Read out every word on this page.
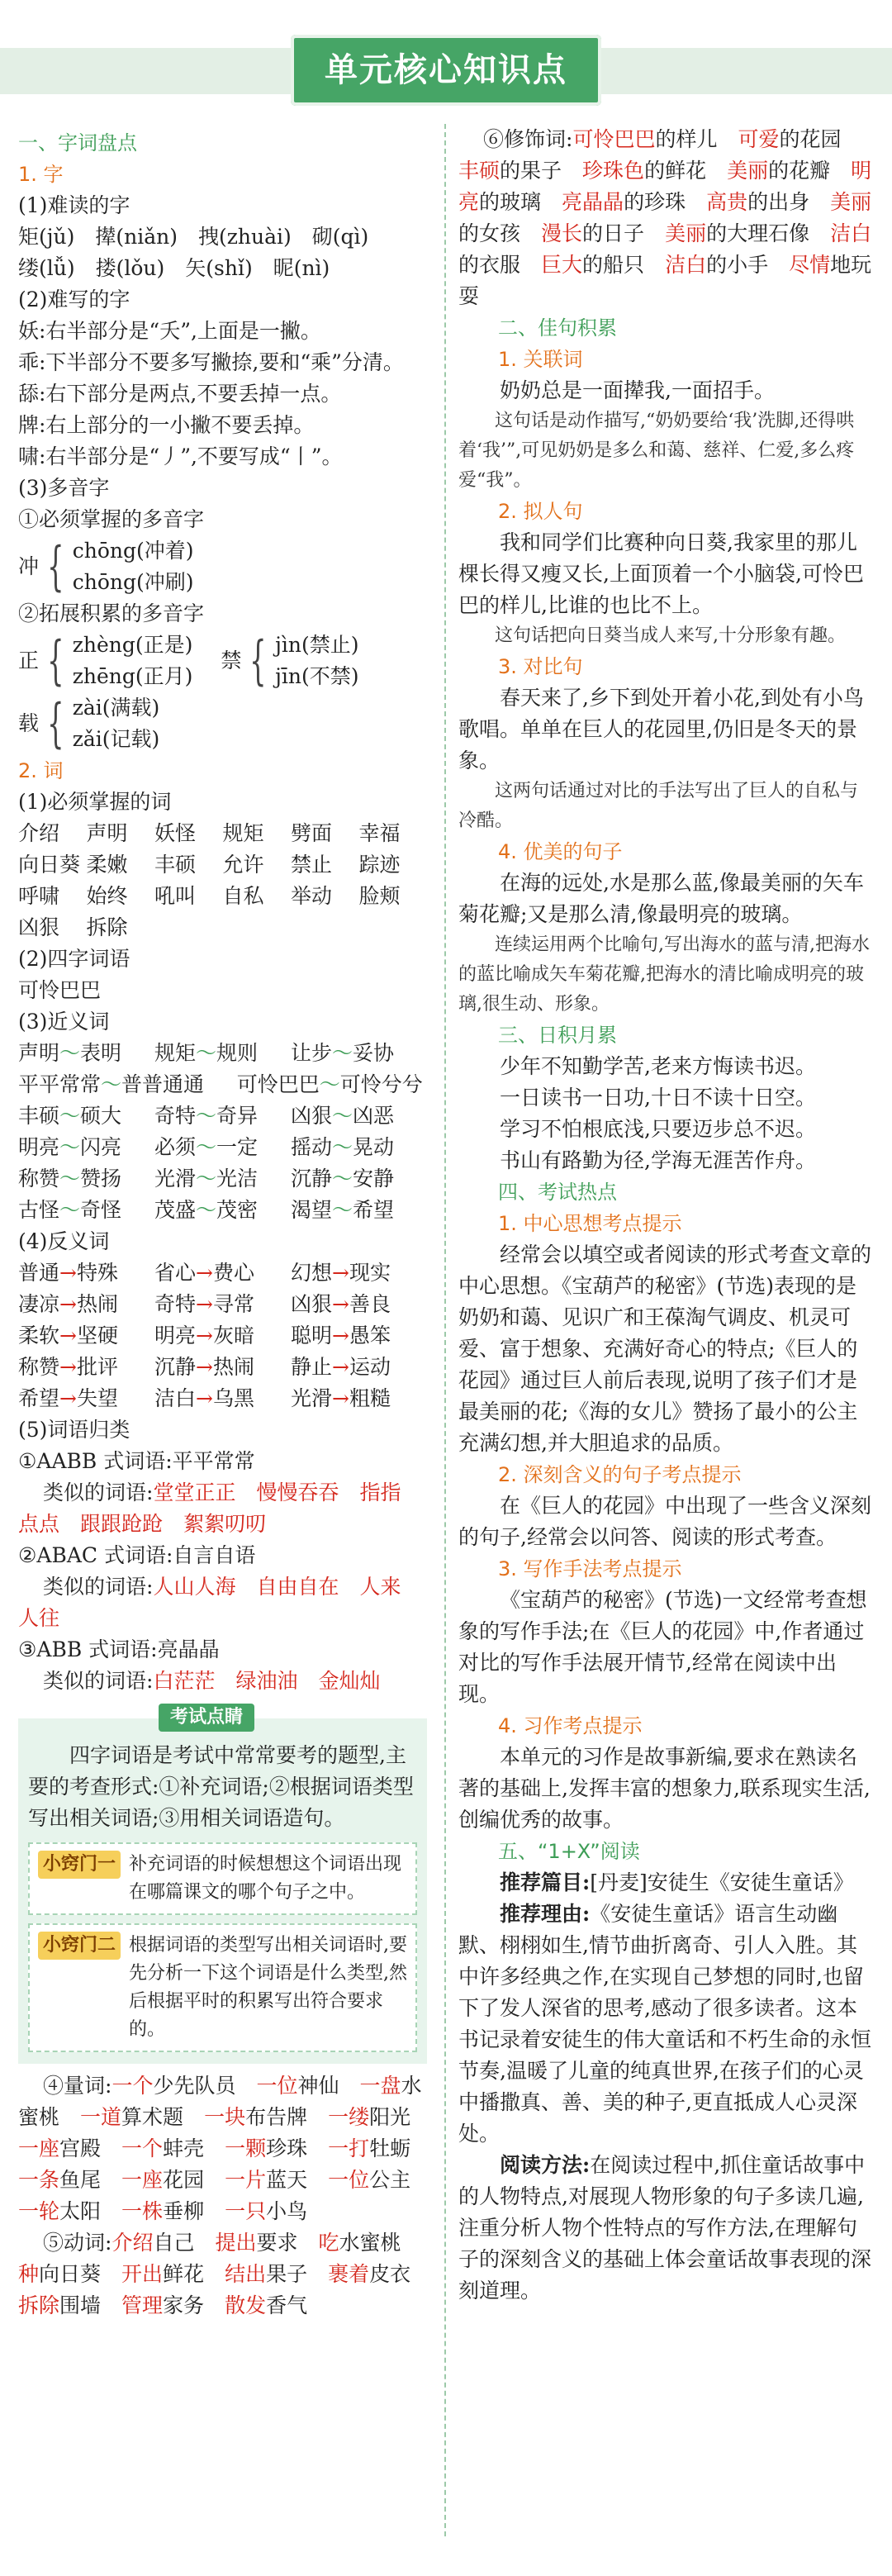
单元核心知识点

一、字词盘点

1. 字

(1)难读的字

矩(jǔ)　撵(niǎn)　拽(zhuài)　砌(qì)

缕(lǚ)　搂(lǒu)　矢(shǐ)　昵(nì)

(2)难写的字

妖:右半部分是“夭”,上面是一撇。

乖:下半部分不要多写撇捺,要和“乘”分清。

舔:右下部分是两点,不要丢掉一点。

牌:右上部分的一小撇不要丢掉。

啸:右半部分是“丿”,不要写成“丨”。

(3)多音字

①必须掌握的多音字

冲 { chōng(冲着)
chōng(冲刷)

②拓展积累的多音字

正 { zhèng(正是)
zhēng(正月)
禁 { jìn(禁止)
jīn(不禁)
载 { zài(满载)
zǎi(记载)

2. 词

(1)必须掌握的词

介绍	声明	妖怪	规矩	劈面	幸福
向日葵 柔嫩	丰硕	允许	禁止	踪迹
呼啸	始终	吼叫	自私	举动	脸颊
凶狠	拆除

(2)四字词语

可怜巴巴

(3)近义词

声明～表明	规矩～规则	让步～妥协
平平常常～普普通通	可怜巴巴～可怜兮兮
丰硕～硕大	奇特～奇异	凶狠～凶恶
明亮～闪亮	必须～一定	摇动～晃动
称赞～赞扬	光滑～光洁	沉静～安静
古怪～奇怪	茂盛～茂密	渴望～希望

(4)反义词

普通→特殊	省心→费心	幻想→现实
凄凉→热闹	奇特→寻常	凶狠→善良
柔软→坚硬	明亮→灰暗	聪明→愚笨
称赞→批评	沉静→热闹	静止→运动
希望→失望	洁白→乌黑	光滑→粗糙

(5)词语归类

①AABB 式词语:平平常常

类似的词语:堂堂正正　 慢慢吞吞　 指指

点点　 跟跟跄跄　 絮絮叨叨

②ABAC 式词语:自言自语

类似的词语:人山人海　 自由自在　 人来

人往

③ABB 式词语:亮晶晶

类似的词语:白茫茫　 绿油油　 金灿灿

考试点睛

四字词语是考试中常常要考的题型,主要的考查形式:①补充词语;②根据词语类型写出相关词语;③用相关词语造句。

小窍门一 补充词语的时候想想这个词语出现在哪篇课文的哪个句子之中。
小窍门二 根据词语的类型写出相关词语时,要先分析一下这个词语是什么类型,然后根据平时的积累写出符合要求的。

④量词:一个少先队员　 一位神仙　 一盘水蜜桃　 一道算术题　 一块布告牌　 一缕阳光　一座宫殿　 一个蚌壳　 一颗珍珠　 一打牡蛎　一条鱼尾　 一座花园　 一片蓝天　 一位公主　一轮太阳　 一株垂柳　 一只小鸟

⑤动词:介绍自己　 提出要求　 吃水蜜桃　种向日葵　 开出鲜花　 结出果子　 裹着皮衣　拆除围墙　 管理家务　 散发香气

⑥修饰词:可怜巴巴的样儿　 可爱的花园　丰硕的果子　 珍珠色的鲜花　 美丽的花瓣　 明亮的玻璃　 亮晶晶的珍珠　 高贵的出身　 美丽的女孩　 漫长的日子　 美丽的大理石像　 洁白的衣服　 巨大的船只　 洁白的小手　 尽情地玩耍

二、佳句积累

1. 关联词

奶奶总是一面撵我,一面招手。

这句话是动作描写,“奶奶要给‘我’洗脚,还得哄着‘我’”,可见奶奶是多么和蔼、慈祥、仁爱,多么疼爱“我”。

2. 拟人句

我和同学们比赛种向日葵,我家里的那儿棵长得又瘦又长,上面顶着一个小脑袋,可怜巴巴的样儿,比谁的也比不上。

这句话把向日葵当成人来写,十分形象有趣。

3. 对比句

春天来了,乡下到处开着小花,到处有小鸟歌唱。单单在巨人的花园里,仍旧是冬天的景象。

这两句话通过对比的手法写出了巨人的自私与冷酷。

4. 优美的句子

在海的远处,水是那么蓝,像最美丽的矢车菊花瓣;又是那么清,像最明亮的玻璃。

连续运用两个比喻句,写出海水的蓝与清,把海水的蓝比喻成矢车菊花瓣,把海水的清比喻成明亮的玻璃,很生动、形象。

三、日积月累

少年不知勤学苦,老来方悔读书迟。

一日读书一日功,十日不读十日空。

学习不怕根底浅,只要迈步总不迟。

书山有路勤为径,学海无涯苦作舟。

四、考试热点

1. 中心思想考点提示

经常会以填空或者阅读的形式考查文章的中心思想。《宝葫芦的秘密》(节选)表现的是奶奶和蔼、见识广和王葆淘气调皮、机灵可爱、富于想象、充满好奇心的特点;《巨人的花园》通过巨人前后表现,说明了孩子们才是最美丽的花;《海的女儿》赞扬了最小的公主充满幻想,并大胆追求的品质。

2. 深刻含义的句子考点提示

在《巨人的花园》中出现了一些含义深刻的句子,经常会以问答、阅读的形式考查。

3. 写作手法考点提示

《宝葫芦的秘密》(节选)一文经常考查想象的写作手法;在《巨人的花园》中,作者通过对比的写作手法展开情节,经常在阅读中出现。

4. 习作考点提示

本单元的习作是故事新编,要求在熟读名著的基础上,发挥丰富的想象力,联系现实生活,创编优秀的故事。

五、“1+X”阅读

推荐篇目:[丹麦]安徒生《安徒生童话》

推荐理由:《安徒生童话》语言生动幽默、栩栩如生,情节曲折离奇、引人入胜。其中许多经典之作,在实现自己梦想的同时,也留下了发人深省的思考,感动了很多读者。这本书记录着安徒生的伟大童话和不朽生命的永恒节奏,温暖了儿童的纯真世界,在孩子们的心灵中播撒真、善、美的种子,更直抵成人心灵深处。

阅读方法:在阅读过程中,抓住童话故事中的人物特点,对展现人物形象的句子多读几遍,注重分析人物个性特点的写作方法,在理解句子的深刻含义的基础上体会童话故事表现的深刻道理。
